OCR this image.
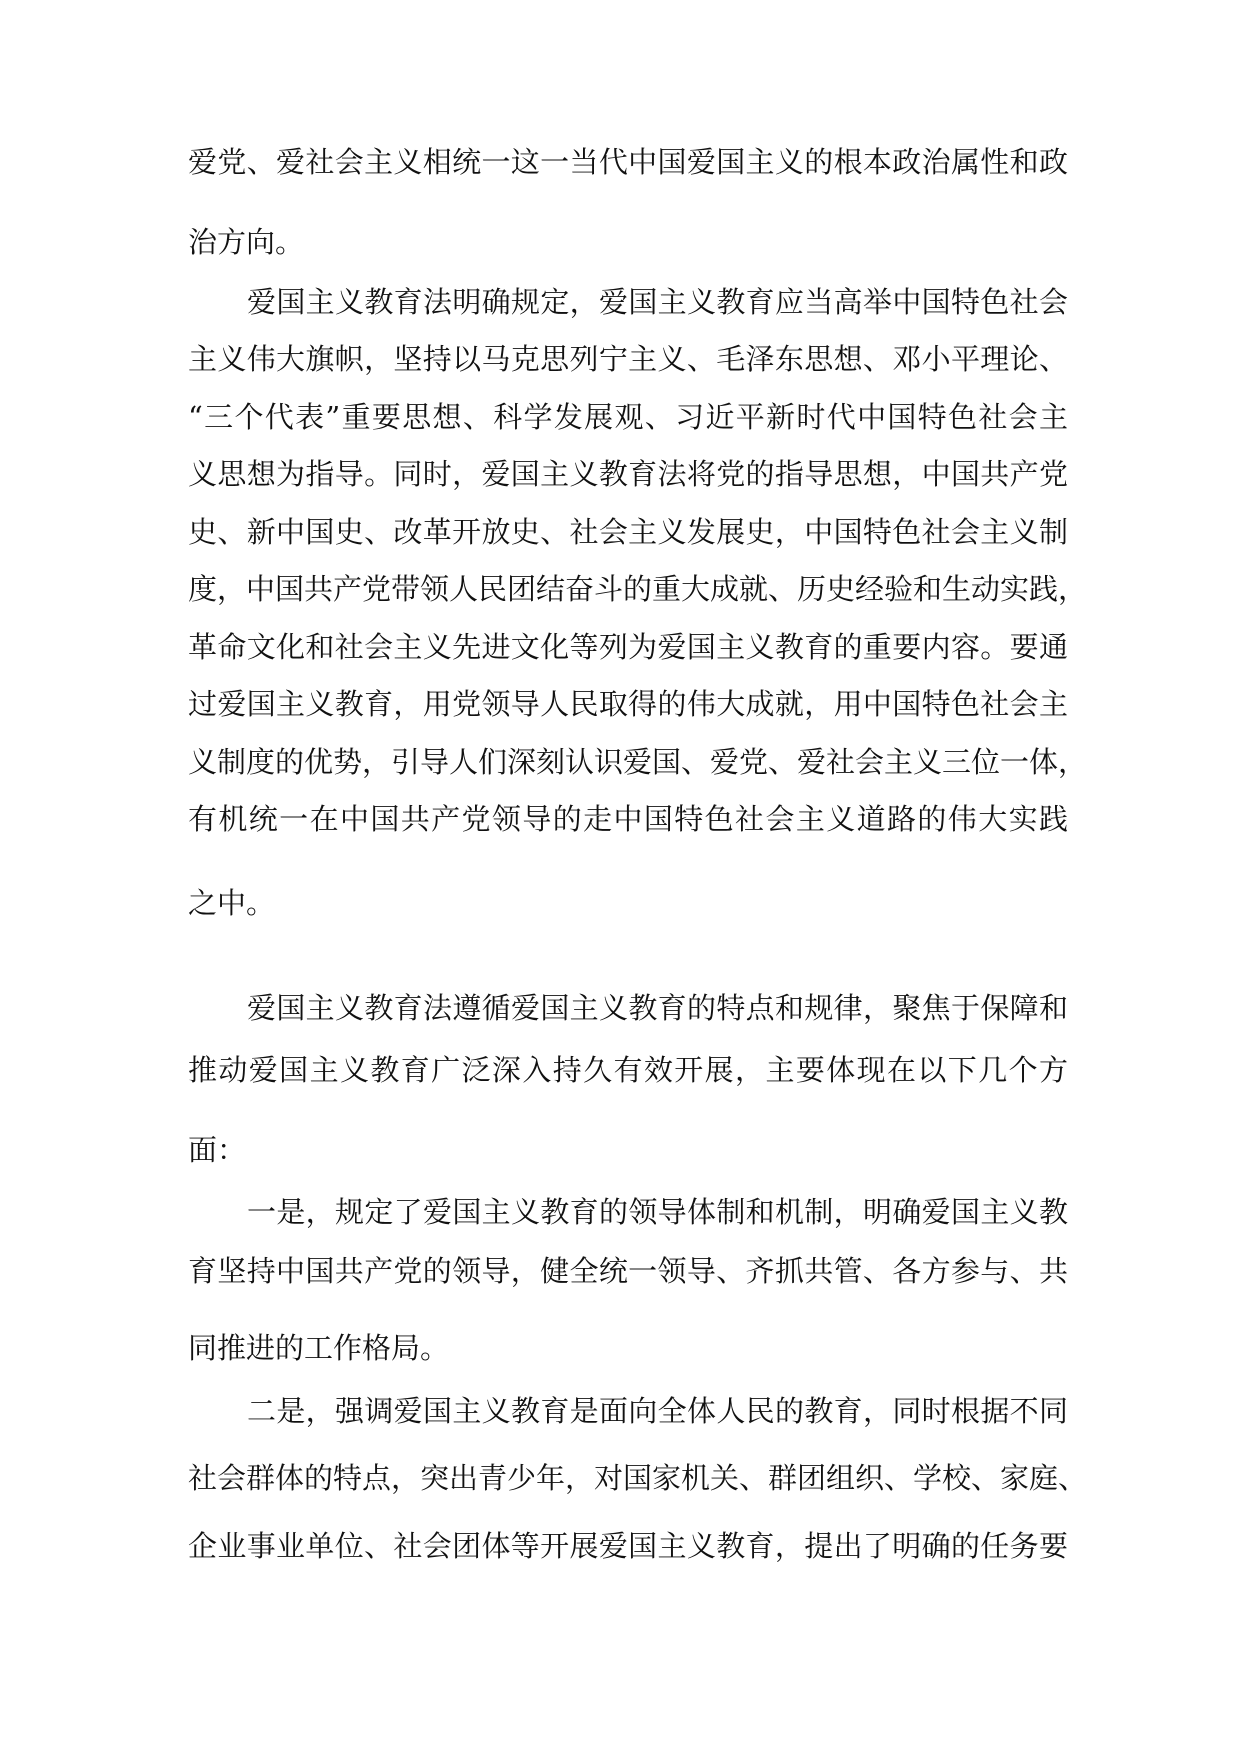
爱党、爱社会主义相统一这一当代中国爱国主义的根本政治属性和政

治方向。

爱国主义教育法明确规定，爱国主义教育应当高举中国特色社会

主义伟大旗帜，坚持以马克思列宁主义、毛泽东思想、邓小平理论、

“三个代表”重要思想、科学发展观、习近平新时代中国特色社会主

义思想为指导。同时，爱国主义教育法将党的指导思想，中国共产党

史、新中国史、改革开放史、社会主义发展史，中国特色社会主义制

度，中国共产党带领人民团结奋斗的重大成就、历史经验和生动实践，

革命文化和社会主义先进文化等列为爱国主义教育的重要内容。要通

过爱国主义教育，用党领导人民取得的伟大成就，用中国特色社会主

义制度的优势，引导人们深刻认识爱国、爱党、爱社会主义三位一体，

有机统一在中国共产党领导的走中国特色社会主义道路的伟大实践

之中。

爱国主义教育法遵循爱国主义教育的特点和规律，聚焦于保障和

推动爱国主义教育广泛深入持久有效开展，主要体现在以下几个方

面：

一是，规定了爱国主义教育的领导体制和机制，明确爱国主义教

育坚持中国共产党的领导，健全统一领导、齐抓共管、各方参与、共

同推进的工作格局。

二是，强调爱国主义教育是面向全体人民的教育，同时根据不同

社会群体的特点，突出青少年，对国家机关、群团组织、学校、家庭、

企业事业单位、社会团体等开展爱国主义教育，提出了明确的任务要
